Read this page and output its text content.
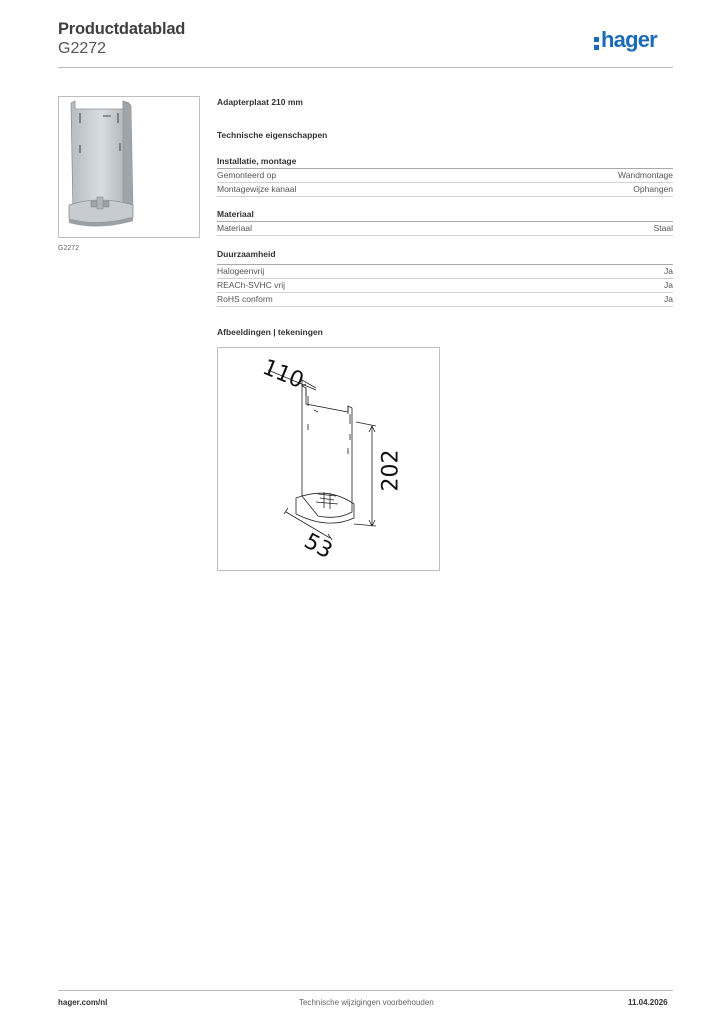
Productdatablad
G2272	hager
G2272
Adapterplaat 210 mm
Technische eigenschappen
Installatie, montage
Gemonteerd op	Wandmontage
Montagewijze kanaal	Ophangen
Materiaal
Materiaal	Staal
Duurzaamheid
Halogeenvrij	Ja
REACh-SVHC vrij	Ja
RoHS conform	Ja
Afbeeldingen | tekeningen
110
202
53
hager.com/nl	Technische wijzigingen voorbehouden	11.04.2026
